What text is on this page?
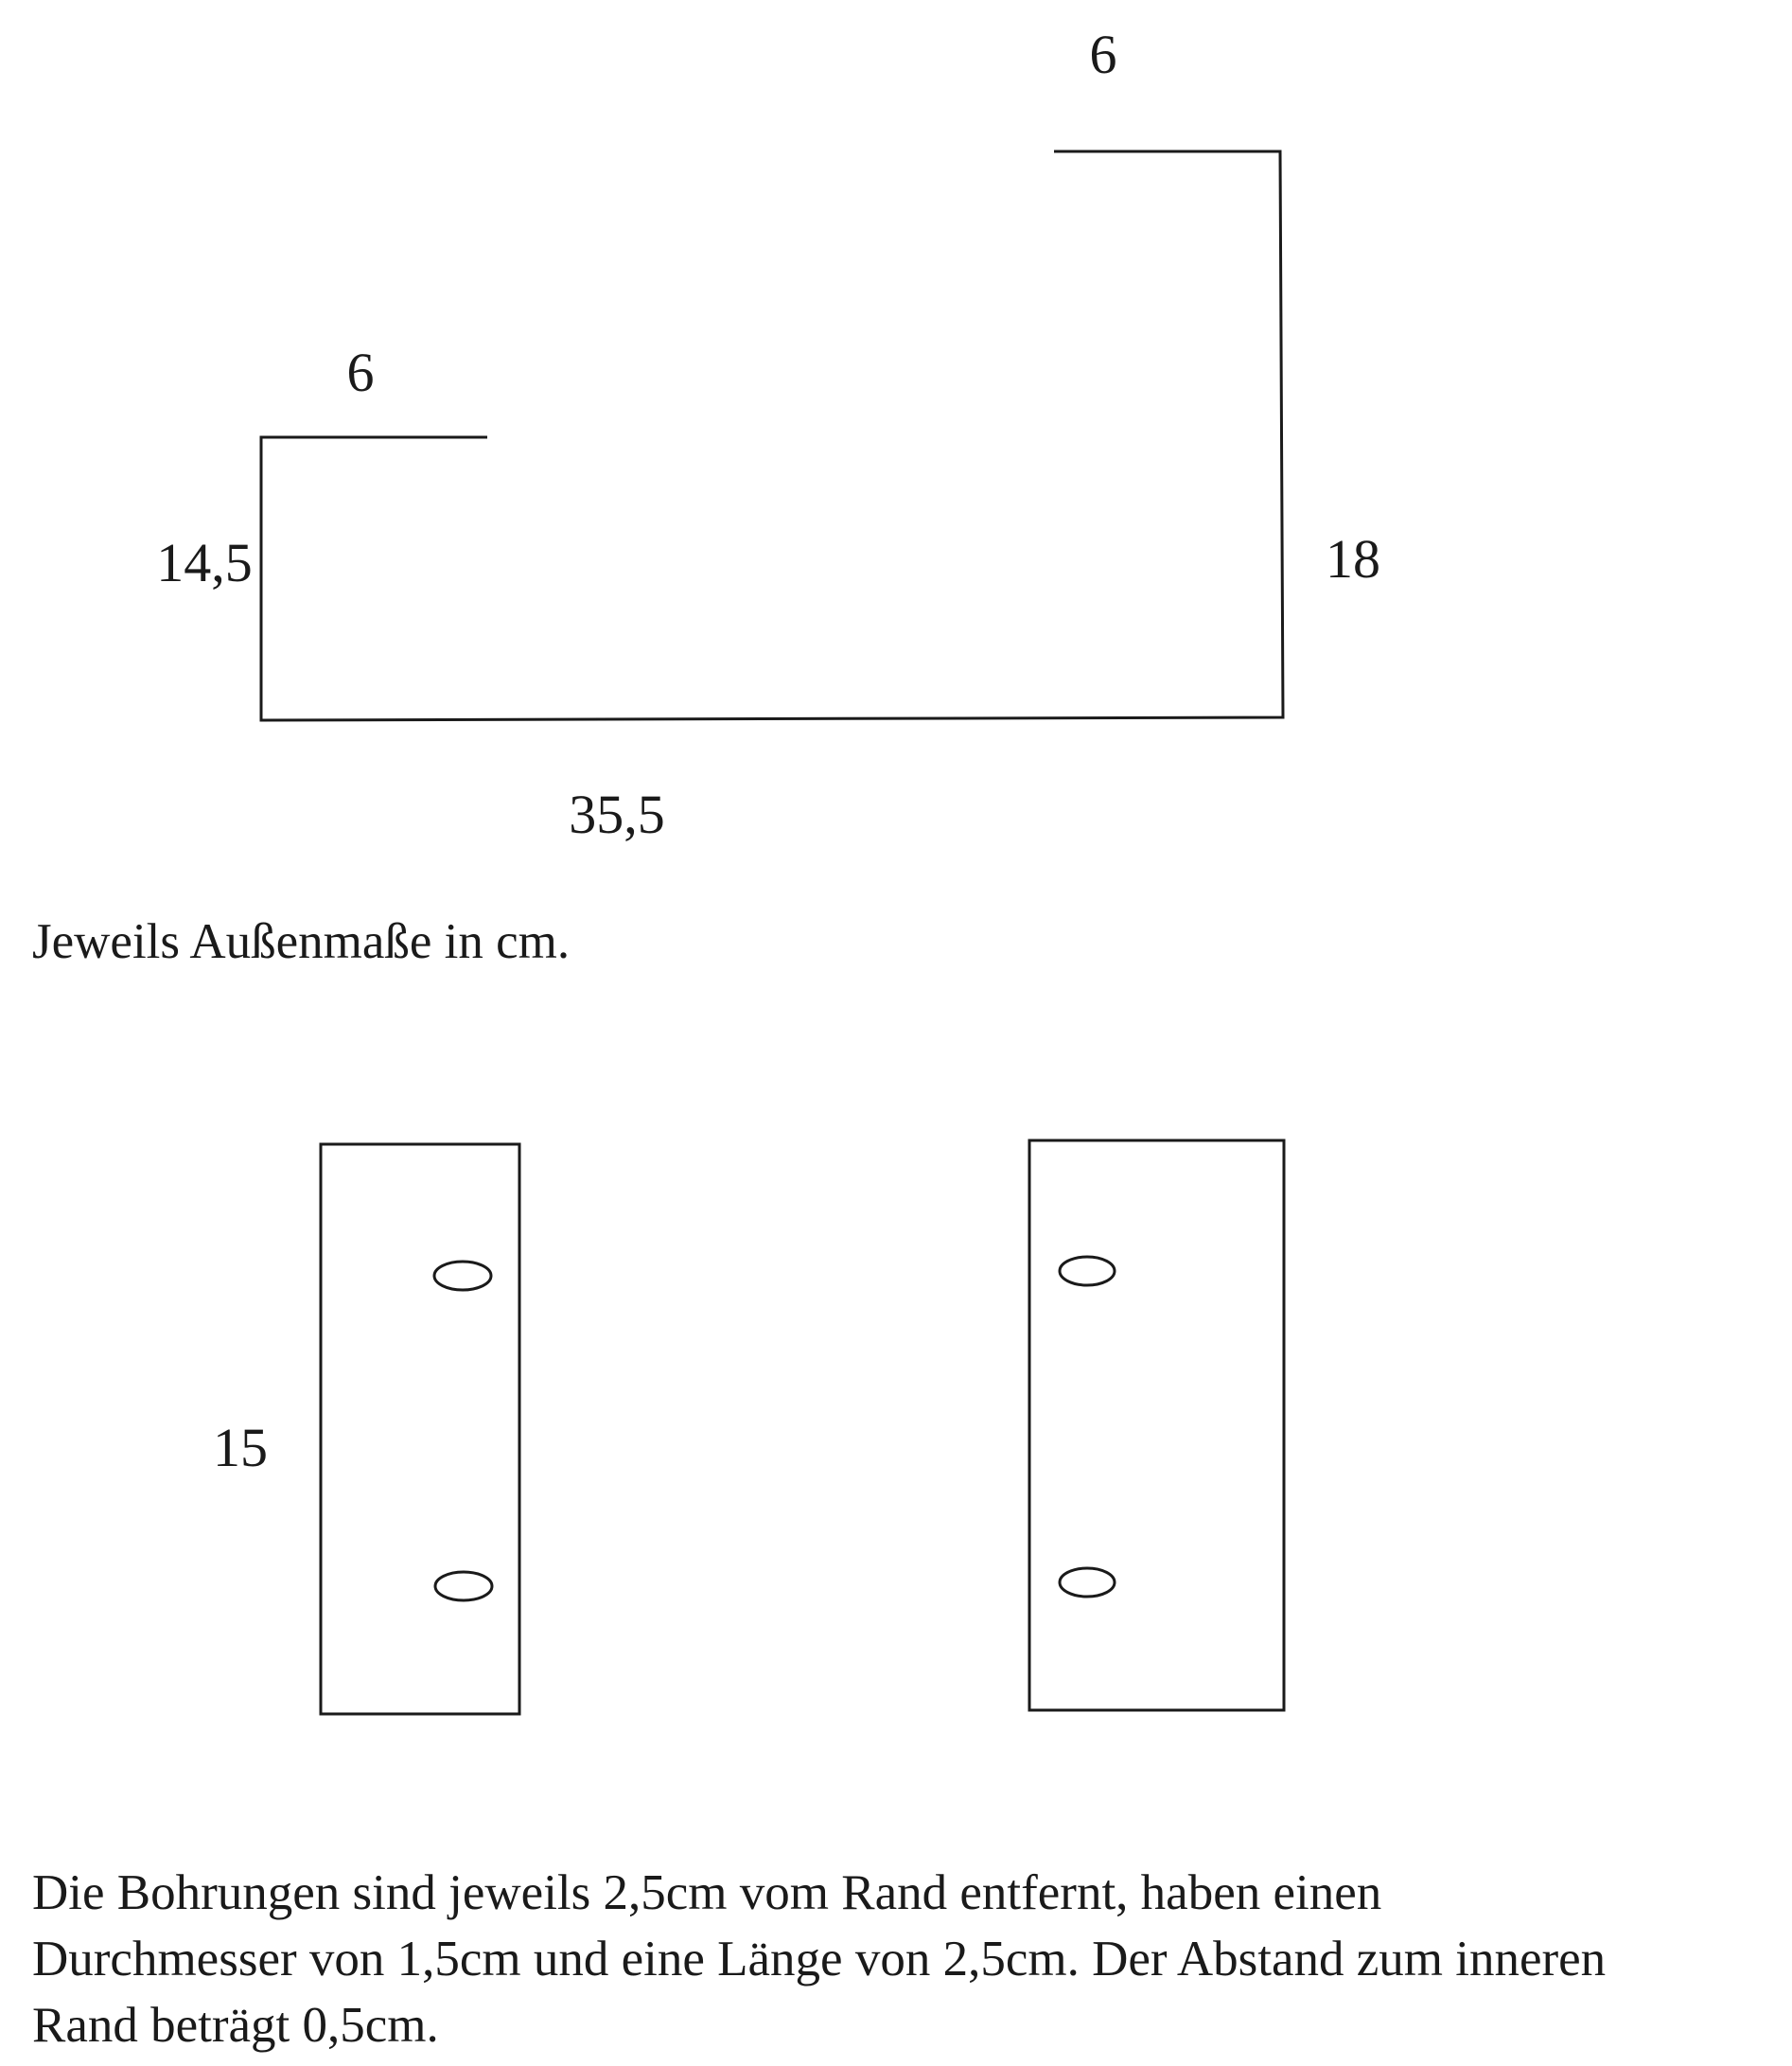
6
6
14,5	18
35,5
15

Jeweils Außenmaße in cm.

Die Bohrungen sind jeweils 2,5cm vom Rand entfernt, haben einen
Durchmesser von 1,5cm und eine Länge von 2,5cm. Der Abstand zum inneren
Rand beträgt 0,5cm.
